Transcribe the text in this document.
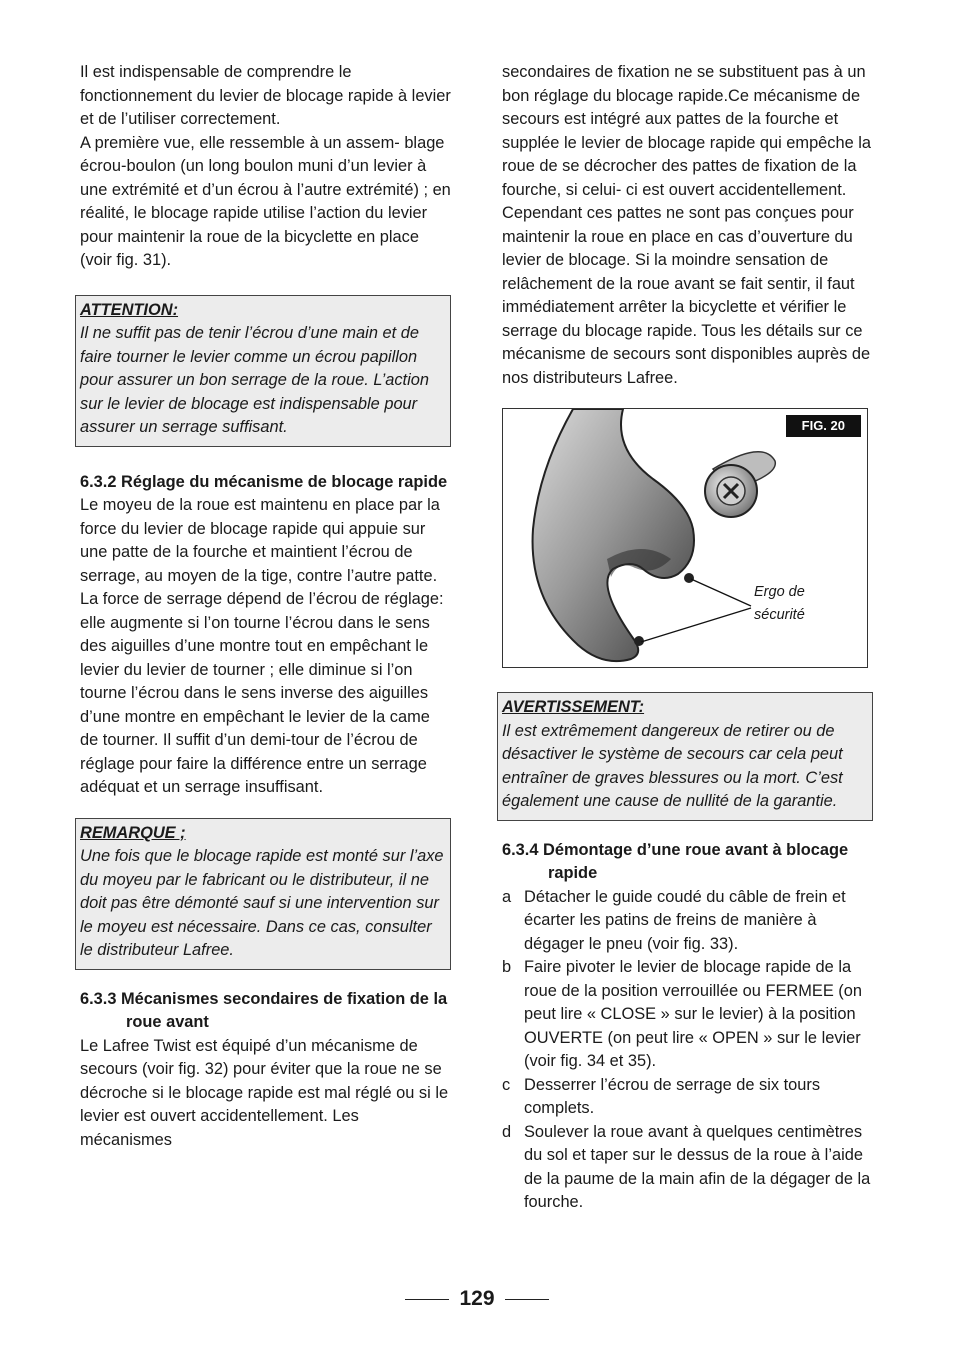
Il est indispensable de comprendre le fonctionnement du levier de blocage rapide à levier et de l’utiliser correctement.

A première vue, elle ressemble à un assem- blage écrou-boulon (un long boulon muni d’un levier à une extrémité et d’un écrou à l’autre extrémité) ; en réalité, le blocage rapide utilise l’action du levier pour maintenir la roue de la bicyclette en place (voir fig. 31).

ATTENTION:
Il ne suffit pas de tenir l’écrou d’une main et de faire tourner le levier comme un écrou papillon pour assurer un bon serrage de la roue. L’action sur le levier de blocage est indispensable pour assurer un serrage suffisant.
6.3.2 Réglage du mécanisme de blocage rapide

Le moyeu de la roue est maintenu en place par la force du levier de blocage rapide qui appuie sur une patte de la fourche et maintient l’écrou de serrage, au moyen de la tige, contre l’autre patte. La force de serrage dépend de l’écrou de réglage: elle augmente si l’on tourne l’écrou dans le sens des aiguilles d’une montre tout en empêchant le levier du levier de tourner ; elle diminue si l’on tourne l’écrou dans le sens inverse des aiguilles d’une montre en empêchant le levier de la came de tourner. Il suffit d’un demi-tour de l’écrou de réglage pour faire la différence entre un serrage adéquat et un serrage insuffisant.

REMARQUE ;
Une fois que le blocage rapide est monté sur l’axe du moyeu par le fabricant ou le distributeur, il ne doit pas être démonté sauf si une intervention sur le moyeu est nécessaire. Dans ce cas, consulter le distributeur Lafree.
6.3.3 Mécanismes secondaires de fixation de la roue avant

Le Lafree Twist est équipé d’un mécanisme de secours (voir fig. 32) pour éviter que la roue ne se décroche si le blocage rapide est mal réglé ou si le levier est ouvert accidentellement. Les mécanismes

secondaires de fixation ne se substituent pas à un bon réglage du blocage rapide.Ce mécanisme de secours est intégré aux pattes de la fourche et supplée le levier de blocage rapide qui empêche la roue de se décrocher des pattes de fixation de la fourche, si celui- ci est ouvert accidentellement. Cependant ces pattes ne sont pas conçues pour maintenir la roue en place en cas d’ouverture du levier de blocage. Si la moindre sensation de relâchement de la roue avant se fait sentir, il faut immédiatement arrêter la bicyclette et vérifier le serrage du blocage rapide. Tous les détails sur ce mécanisme de secours sont disponibles auprès de nos distributeurs Lafree.

FIG. 20
Ergo de
sécurité
AVERTISSEMENT:
Il est extrêmement dangereux de retirer ou de désactiver le système de secours car cela peut entraîner de graves blessures ou la mort. C’est également une cause de nullité de la garantie.
6.3.4 Démontage d’une roue avant à blocage rapide
a Détacher le guide coudé du câble de frein et écarter les patins de freins de manière à dégager le pneu (voir fig. 33).
b Faire pivoter le levier de blocage rapide de la roue de la position verrouillée ou FERMEE (on peut lire « CLOSE » sur le levier) à la position OUVERTE (on peut lire « OPEN » sur le levier (voir fig. 34 et 35).
c Desserrer l’écrou de serrage de six tours complets.
d Soulever la roue avant à quelques centimètres du sol et taper sur le dessus de la roue à l’aide de la paume de la main afin de la dégager de la fourche.
129
